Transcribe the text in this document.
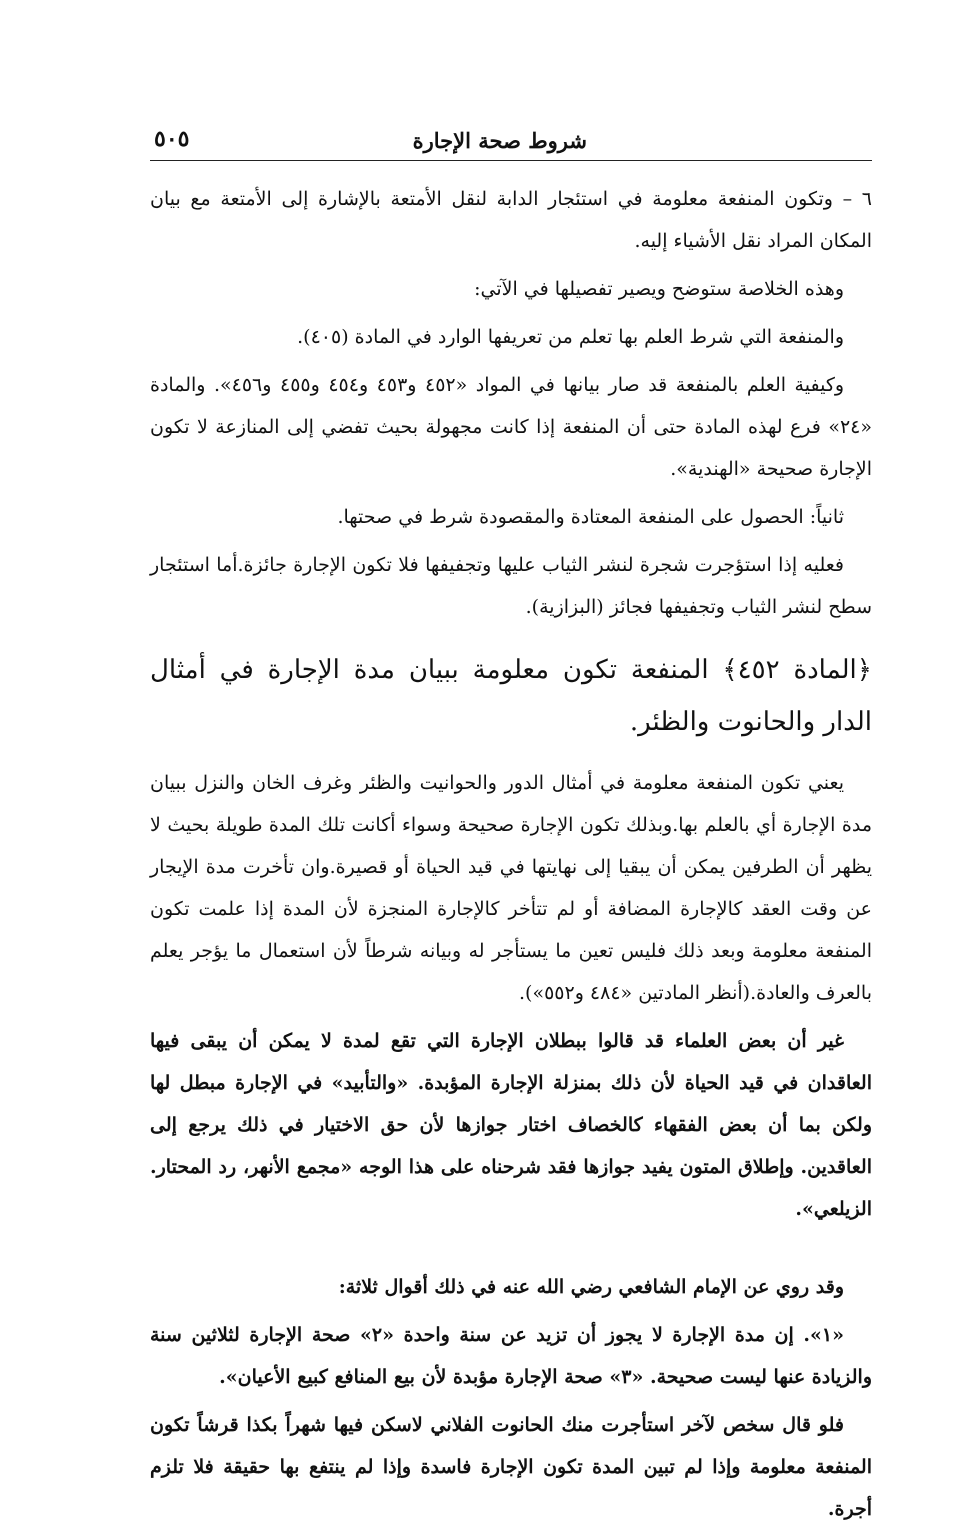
٥٠٥	شروط صحة الإجارة

٦ – وتكون المنفعة معلومة في استئجار الدابة لنقل الأمتعة بالإشارة إلى الأمتعة مع بيان المكان المراد نقل الأشياء إليه.

وهذه الخلاصة ستوضح ويصير تفصيلها في الآتي:

والمنفعة التي شرط العلم بها تعلم من تعريفها الوارد في المادة (٤٠٥).

وكيفية العلم بالمنفعة قد صار بيانها في المواد «٤٥٢ و٤٥٣ و٤٥٤ و٤٥٥ و٤٥٦». والمادة «٢٤» فرع لهذه المادة حتى أن المنفعة إذا كانت مجهولة بحيث تفضي إلى المنازعة لا تكون الإجارة صحيحة «الهندية».

ثانياً: الحصول على المنفعة المعتادة والمقصودة شرط في صحتها.

فعليه إذا استؤجرت شجرة لنشر الثياب عليها وتجفيفها فلا تكون الإجارة جائزة.أما استئجار سطح لنشر الثياب وتجفيفها فجائز (البزازية).

﴿المادة ٤٥٢﴾ المنفعة تكون معلومة ببيان مدة الإجارة في أمثال الدار والحانوت والظئر.

يعني تكون المنفعة معلومة في أمثال الدور والحوانيت والظئر وغرف الخان والنزل ببيان مدة الإجارة أي بالعلم بها.وبذلك تكون الإجارة صحيحة وسواء أكانت تلك المدة طويلة بحيث لا يظهر أن الطرفين يمكن أن يبقيا إلى نهايتها في قيد الحياة أو قصيرة.وان تأخرت مدة الإيجار عن وقت العقد كالإجارة المضافة أو لم تتأخر كالإجارة المنجزة لأن المدة إذا علمت تكون المنفعة معلومة وبعد ذلك فليس تعين ما يستأجر له وبيانه شرطاً لأن استعمال ما يؤجر يعلم بالعرف والعادة.(أنظر المادتين «٤٨٤ و٥٥٢»).

غير أن بعض العلماء قد قالوا ببطلان الإجارة التي تقع لمدة لا يمكن أن يبقى فيها العاقدان في قيد الحياة لأن ذلك بمنزلة الإجارة المؤبدة. «والتأبيد» في الإجارة مبطل لها ولكن بما أن بعض الفقهاء كالخصاف اختار جوازها لأن حق الاختيار في ذلك يرجع إلى العاقدين. وإطلاق المتون يفيد جوازها فقد شرحناه على هذا الوجه «مجمع الأنهر، رد المحتار. الزيلعي».

وقد روي عن الإمام الشافعي رضي الله عنه في ذلك أقوال ثلاثة:

«١». إن مدة الإجارة لا يجوز أن تزيد عن سنة واحدة «٢» صحة الإجارة لثلاثين سنة والزيادة عنها ليست صحيحة. «٣» صحة الإجارة مؤبدة لأن بيع المنافع كبيع الأعيان».

فلو قال سخص لآخر استأجرت منك الحانوت الفلاني لاسكن فيها شهراً بكذا قرشاً تكون المنفعة معلومة وإذا لم تبين المدة تكون الإجارة فاسدة وإذا لم ينتفع بها حقيقة فلا تلزم أجرة.
